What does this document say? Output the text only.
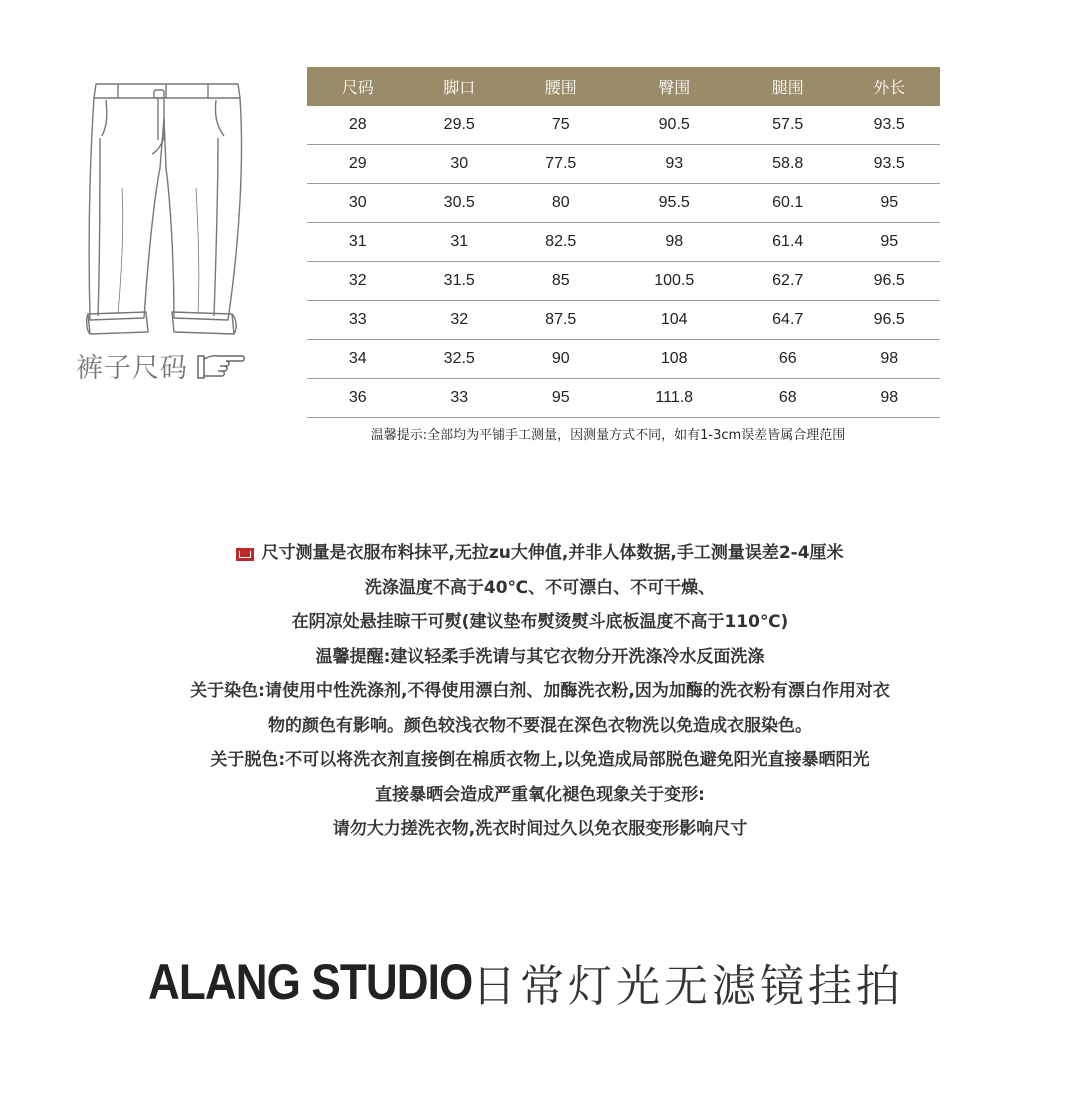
裤子尺码
尺码	脚口	腰围	臀围	腿围	外长
28	29.5	75	90.5	57.5	93.5
29	30	77.5	93	58.8	93.5
30	30.5	80	95.5	60.1	95
31	31	82.5	98	61.4	95
32	31.5	85	100.5	62.7	96.5
33	32	87.5	104	64.7	96.5
34	32.5	90	108	66	98
36	33	95	111.8	68	98
温馨提示:全部均为平铺手工测量，因测量方式不同，如有1-3cm误差皆属合理范围
尺寸测量是衣服布料抹平,无拉zu大伸值,并非人体数据,手工测量误差2-4厘米
洗涤温度不高于40℃、不可漂白、不可干燥、
在阴凉处悬挂晾干可熨(建议垫布熨烫熨斗底板温度不高于110℃)
温馨提醒:建议轻柔手洗请与其它衣物分开洗涤冷水反面洗涤
关于染色:请使用中性洗涤剂,不得使用漂白剂、加酶洗衣粉,因为加酶的洗衣粉有漂白作用对衣
物的颜色有影响。颜色较浅衣物不要混在深色衣物洗以免造成衣服染色。
关于脱色:不可以将洗衣剂直接倒在棉质衣物上,以免造成局部脱色避免阳光直接暴晒阳光
直接暴晒会造成严重氧化褪色现象关于变形:
请勿大力搓洗衣物,洗衣时间过久以免衣服变形影响尺寸
ALANG STUDIO 日常灯光无滤镜挂拍
